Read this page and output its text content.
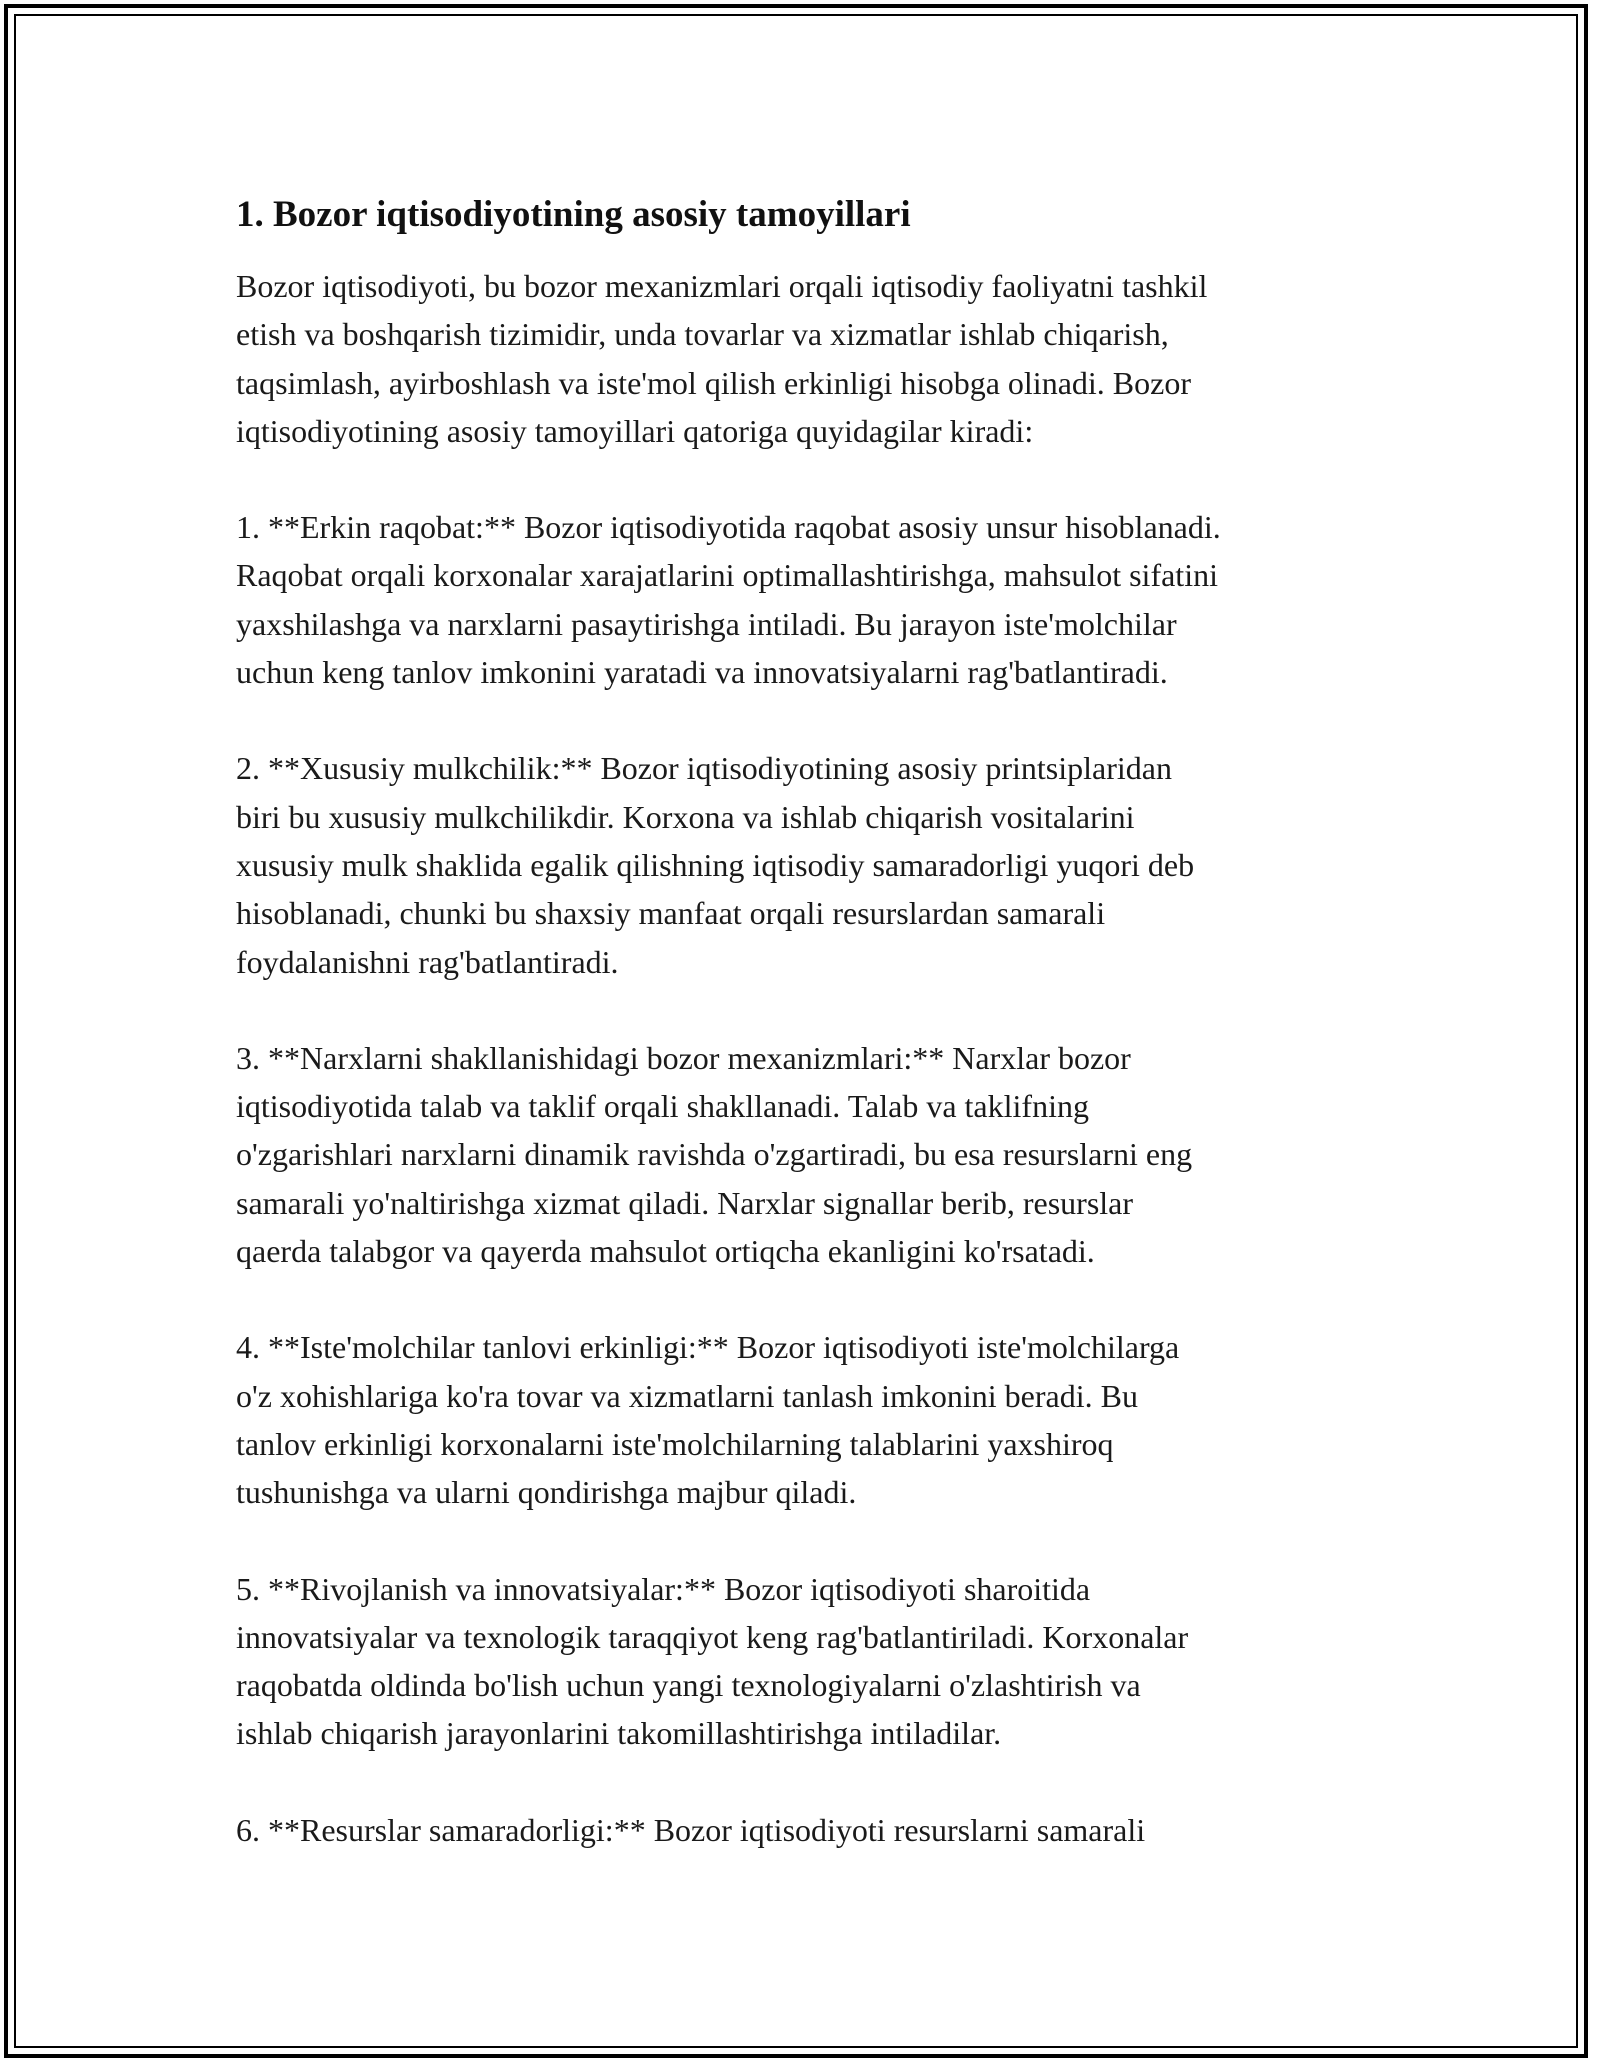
1. Bozor iqtisodiyotining asosiy tamoyillari
Bozor iqtisodiyoti, bu bozor mexanizmlari orqali iqtisodiy faoliyatni tashkil
etish va boshqarish tizimidir, unda tovarlar va xizmatlar ishlab chiqarish,
taqsimlash, ayirboshlash va iste'mol qilish erkinligi hisobga olinadi. Bozor
iqtisodiyotining asosiy tamoyillari qatoriga quyidagilar kiradi:
1. **Erkin raqobat:** Bozor iqtisodiyotida raqobat asosiy unsur hisoblanadi.
Raqobat orqali korxonalar xarajatlarini optimallashtirishga, mahsulot sifatini
yaxshilashga va narxlarni pasaytirishga intiladi. Bu jarayon iste'molchilar
uchun keng tanlov imkonini yaratadi va innovatsiyalarni rag'batlantiradi.
2. **Xususiy mulkchilik:** Bozor iqtisodiyotining asosiy printsiplaridan
biri bu xususiy mulkchilikdir. Korxona va ishlab chiqarish vositalarini
xususiy mulk shaklida egalik qilishning iqtisodiy samaradorligi yuqori deb
hisoblanadi, chunki bu shaxsiy manfaat orqali resurslardan samarali
foydalanishni rag'batlantiradi.
3. **Narxlarni shakllanishidagi bozor mexanizmlari:** Narxlar bozor
iqtisodiyotida talab va taklif orqali shakllanadi. Talab va taklifning
o'zgarishlari narxlarni dinamik ravishda o'zgartiradi, bu esa resurslarni eng
samarali yo'naltirishga xizmat qiladi. Narxlar signallar berib, resurslar
qaerda talabgor va qayerda mahsulot ortiqcha ekanligini ko'rsatadi.
4. **Iste'molchilar tanlovi erkinligi:** Bozor iqtisodiyoti iste'molchilarga
o'z xohishlariga ko'ra tovar va xizmatlarni tanlash imkonini beradi. Bu
tanlov erkinligi korxonalarni iste'molchilarning talablarini yaxshiroq
tushunishga va ularni qondirishga majbur qiladi.
5. **Rivojlanish va innovatsiyalar:** Bozor iqtisodiyoti sharoitida
innovatsiyalar va texnologik taraqqiyot keng rag'batlantiriladi. Korxonalar
raqobatda oldinda bo'lish uchun yangi texnologiyalarni o'zlashtirish va
ishlab chiqarish jarayonlarini takomillashtirishga intiladilar.
6. **Resurslar samaradorligi:** Bozor iqtisodiyoti resurslarni samarali
